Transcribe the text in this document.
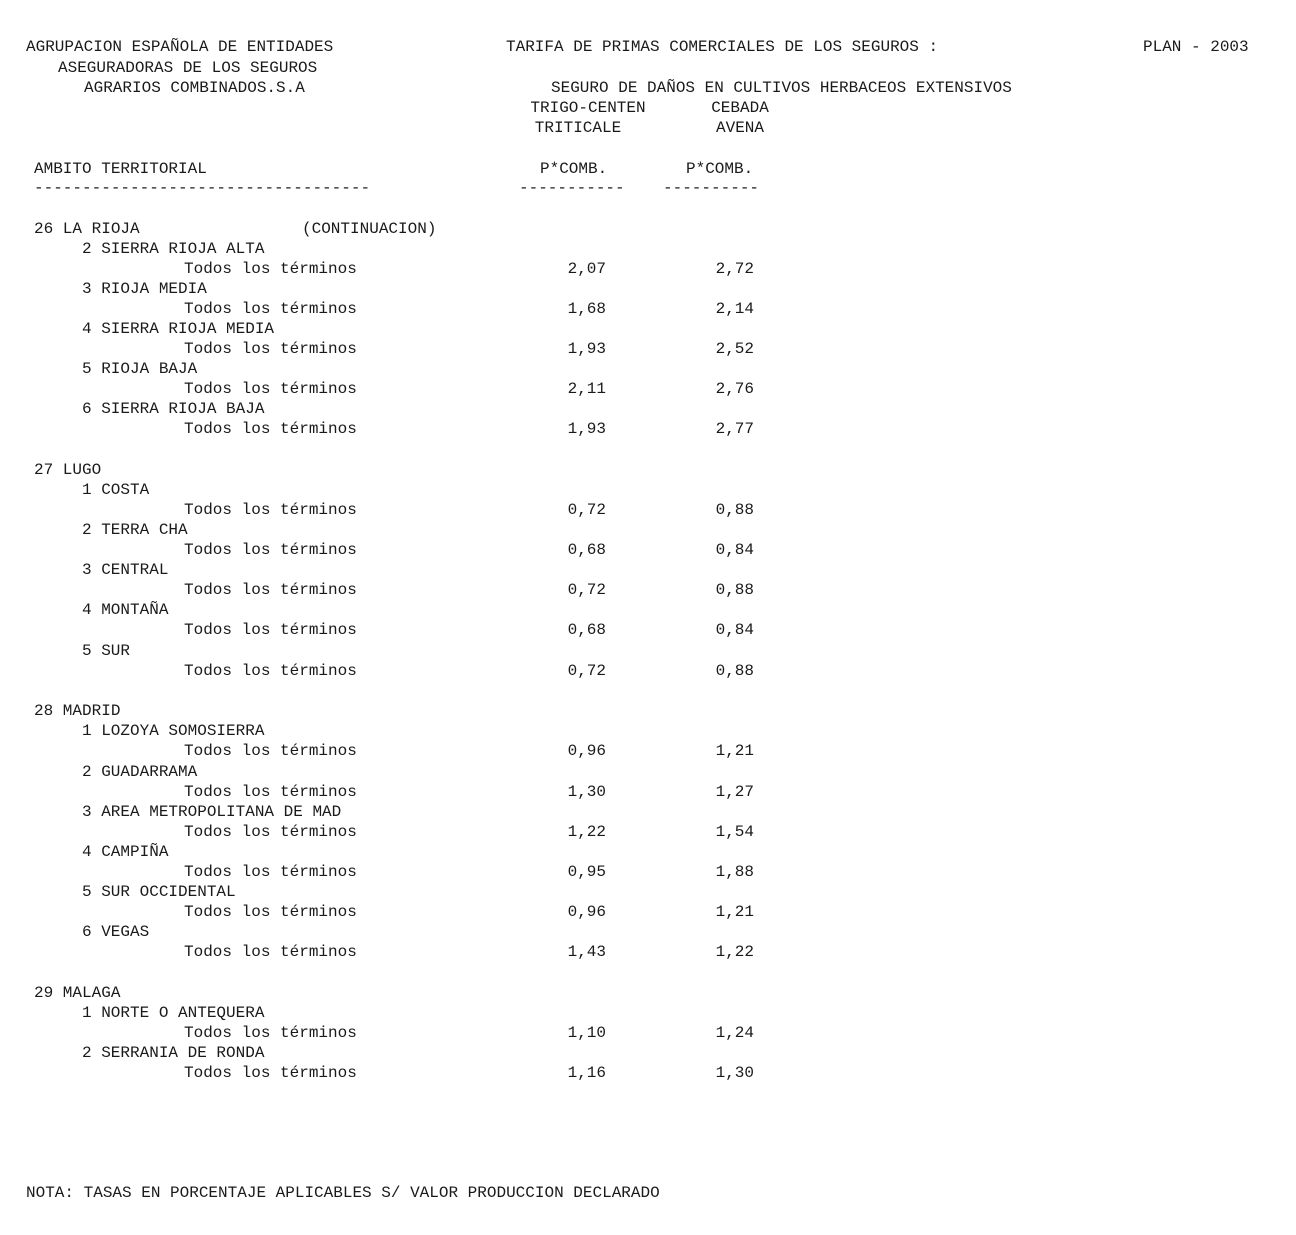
AGRUPACION ESPAÑOLA DE ENTIDADES
ASEGURADORAS DE LOS SEGUROS
AGRARIOS COMBINADOS.S.A
TARIFA DE PRIMAS COMERCIALES DE LOS SEGUROS :	PLAN - 2003
SEGURO DE DAÑOS EN CULTIVOS HERBACEOS EXTENSIVOS
TRIGO-CENTEN
TRITICALE
CEBADA
AVENA
AMBITO TERRITORIAL	P*COMB.	P*COMB.
-----------------------------------	----------- ----------
26 LA RIOJA	(CONTINUACION)
2 SIERRA RIOJA ALTA
Todos los términos	2,07	2,72
3 RIOJA MEDIA
Todos los términos	1,68	2,14
4 SIERRA RIOJA MEDIA
Todos los términos	1,93	2,52
5 RIOJA BAJA
Todos los términos	2,11	2,76
6 SIERRA RIOJA BAJA
Todos los términos	1,93	2,77
27 LUGO
1 COSTA
Todos los términos	0,72	0,88
2 TERRA CHA
Todos los términos	0,68	0,84
3 CENTRAL
Todos los términos	0,72	0,88
4 MONTAÑA
Todos los términos	0,68	0,84
5 SUR
Todos los términos	0,72	0,88
28 MADRID
1 LOZOYA SOMOSIERRA
Todos los términos	0,96	1,21
2 GUADARRAMA
Todos los términos	1,30	1,27
3 AREA METROPOLITANA DE MAD
Todos los términos	1,22	1,54
4 CAMPIÑA
Todos los términos	0,95	1,88
5 SUR OCCIDENTAL
Todos los términos	0,96	1,21
6 VEGAS
Todos los términos	1,43	1,22
29 MALAGA
1 NORTE O ANTEQUERA
Todos los términos	1,10	1,24
2 SERRANIA DE RONDA
Todos los términos	1,16	1,30
NOTA: TASAS EN PORCENTAJE APLICABLES S/ VALOR PRODUCCION DECLARADO
